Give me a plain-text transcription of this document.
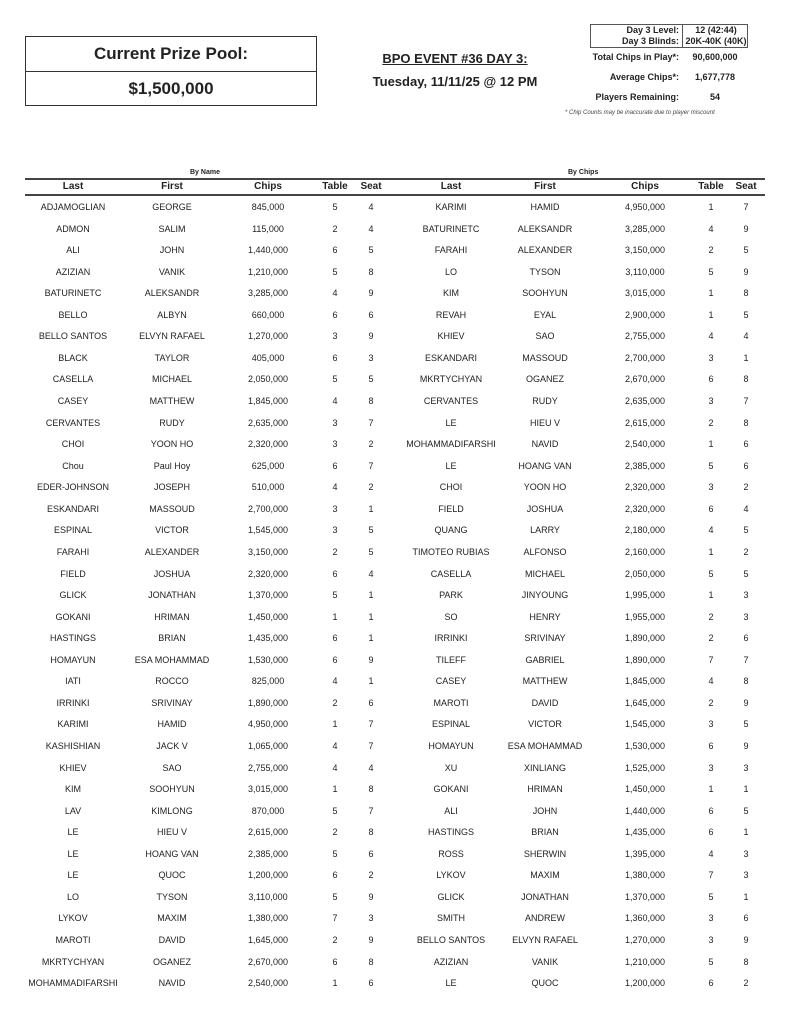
Current Prize Pool:
$1,500,000
BPO EVENT #36 DAY 3:
Tuesday, 11/11/25 @ 12 PM
Day 3 Level:	12 (42:44)
Day 3 Blinds: 20K-40K (40K)
Total Chips in Play*:	90,600,000
Average Chips*:	1,677,778
Players Remaining:	54
* Chip Counts may be inaccurate due to player miscount
By Name	By Chips
Last	First	Chips	Table Seat
ADJAMOGLIAN	GEORGE	845,000	5	4
ADMON	SALIM	115,000	2	4
ALI	JOHN	1,440,000	6	5
AZIZIAN	VANIK	1,210,000	5	8
BATURINETC	ALEKSANDR	3,285,000	4	9
BELLO	ALBYN	660,000	6	6
BELLO SANTOS	ELVYN RAFAEL	1,270,000	3	9
BLACK	TAYLOR	405,000	6	3
CASELLA	MICHAEL	2,050,000	5	5
CASEY	MATTHEW	1,845,000	4	8
CERVANTES	RUDY	2,635,000	3	7
CHOI	YOON HO	2,320,000	3	2
Chou	Paul Hoy	625,000	6	7
EDER-JOHNSON	JOSEPH	510,000	4	2
ESKANDARI	MASSOUD	2,700,000	3	1
ESPINAL	VICTOR	1,545,000	3	5
FARAHI	ALEXANDER	3,150,000	2	5
FIELD	JOSHUA	2,320,000	6	4
GLICK	JONATHAN	1,370,000	5	1
GOKANI	HRIMAN	1,450,000	1	1
HASTINGS	BRIAN	1,435,000	6	1
HOMAYUN	ESA MOHAMMAD	1,530,000	6	9
IATI	ROCCO	825,000	4	1
IRRINKI	SRIVINAY	1,890,000	2	6
KARIMI	HAMID	4,950,000	1	7
KASHISHIAN	JACK V	1,065,000	4	7
KHIEV	SAO	2,755,000	4	4
KIM	SOOHYUN	3,015,000	1	8
LAV	KIMLONG	870,000	5	7
LE	HIEU V	2,615,000	2	8
LE	HOANG VAN	2,385,000	5	6
LE	QUOC	1,200,000	6	2
LO	TYSON	3,110,000	5	9
LYKOV	MAXIM	1,380,000	7	3
MAROTI	DAVID	1,645,000	2	9
MKRTYCHYAN	OGANEZ	2,670,000	6	8
MOHAMMADIFARSHI	NAVID	2,540,000	1	6
Last	First	Chips	Table Seat
KARIMI	HAMID	4,950,000	1	7
BATURINETC	ALEKSANDR	3,285,000	4	9
FARAHI	ALEXANDER	3,150,000	2	5
LO	TYSON	3,110,000	5	9
KIM	SOOHYUN	3,015,000	1	8
REVAH	EYAL	2,900,000	1	5
KHIEV	SAO	2,755,000	4	4
ESKANDARI	MASSOUD	2,700,000	3	1
MKRTYCHYAN	OGANEZ	2,670,000	6	8
CERVANTES	RUDY	2,635,000	3	7
LE	HIEU V	2,615,000	2	8
MOHAMMADIFARSHI	NAVID	2,540,000	1	6
LE	HOANG VAN	2,385,000	5	6
CHOI	YOON HO	2,320,000	3	2
FIELD	JOSHUA	2,320,000	6	4
QUANG	LARRY	2,180,000	4	5
TIMOTEO RUBIAS	ALFONSO	2,160,000	1	2
CASELLA	MICHAEL	2,050,000	5	5
PARK	JINYOUNG	1,995,000	1	3
SO	HENRY	1,955,000	2	3
IRRINKI	SRIVINAY	1,890,000	2	6
TILEFF	GABRIEL	1,890,000	7	7
CASEY	MATTHEW	1,845,000	4	8
MAROTI	DAVID	1,645,000	2	9
ESPINAL	VICTOR	1,545,000	3	5
HOMAYUN	ESA MOHAMMAD	1,530,000	6	9
XU	XINLIANG	1,525,000	3	3
GOKANI	HRIMAN	1,450,000	1	1
ALI	JOHN	1,440,000	6	5
HASTINGS	BRIAN	1,435,000	6	1
ROSS	SHERWIN	1,395,000	4	3
LYKOV	MAXIM	1,380,000	7	3
GLICK	JONATHAN	1,370,000	5	1
SMITH	ANDREW	1,360,000	3	6
BELLO SANTOS	ELVYN RAFAEL	1,270,000	3	9
AZIZIAN	VANIK	1,210,000	5	8
LE	QUOC	1,200,000	6	2
